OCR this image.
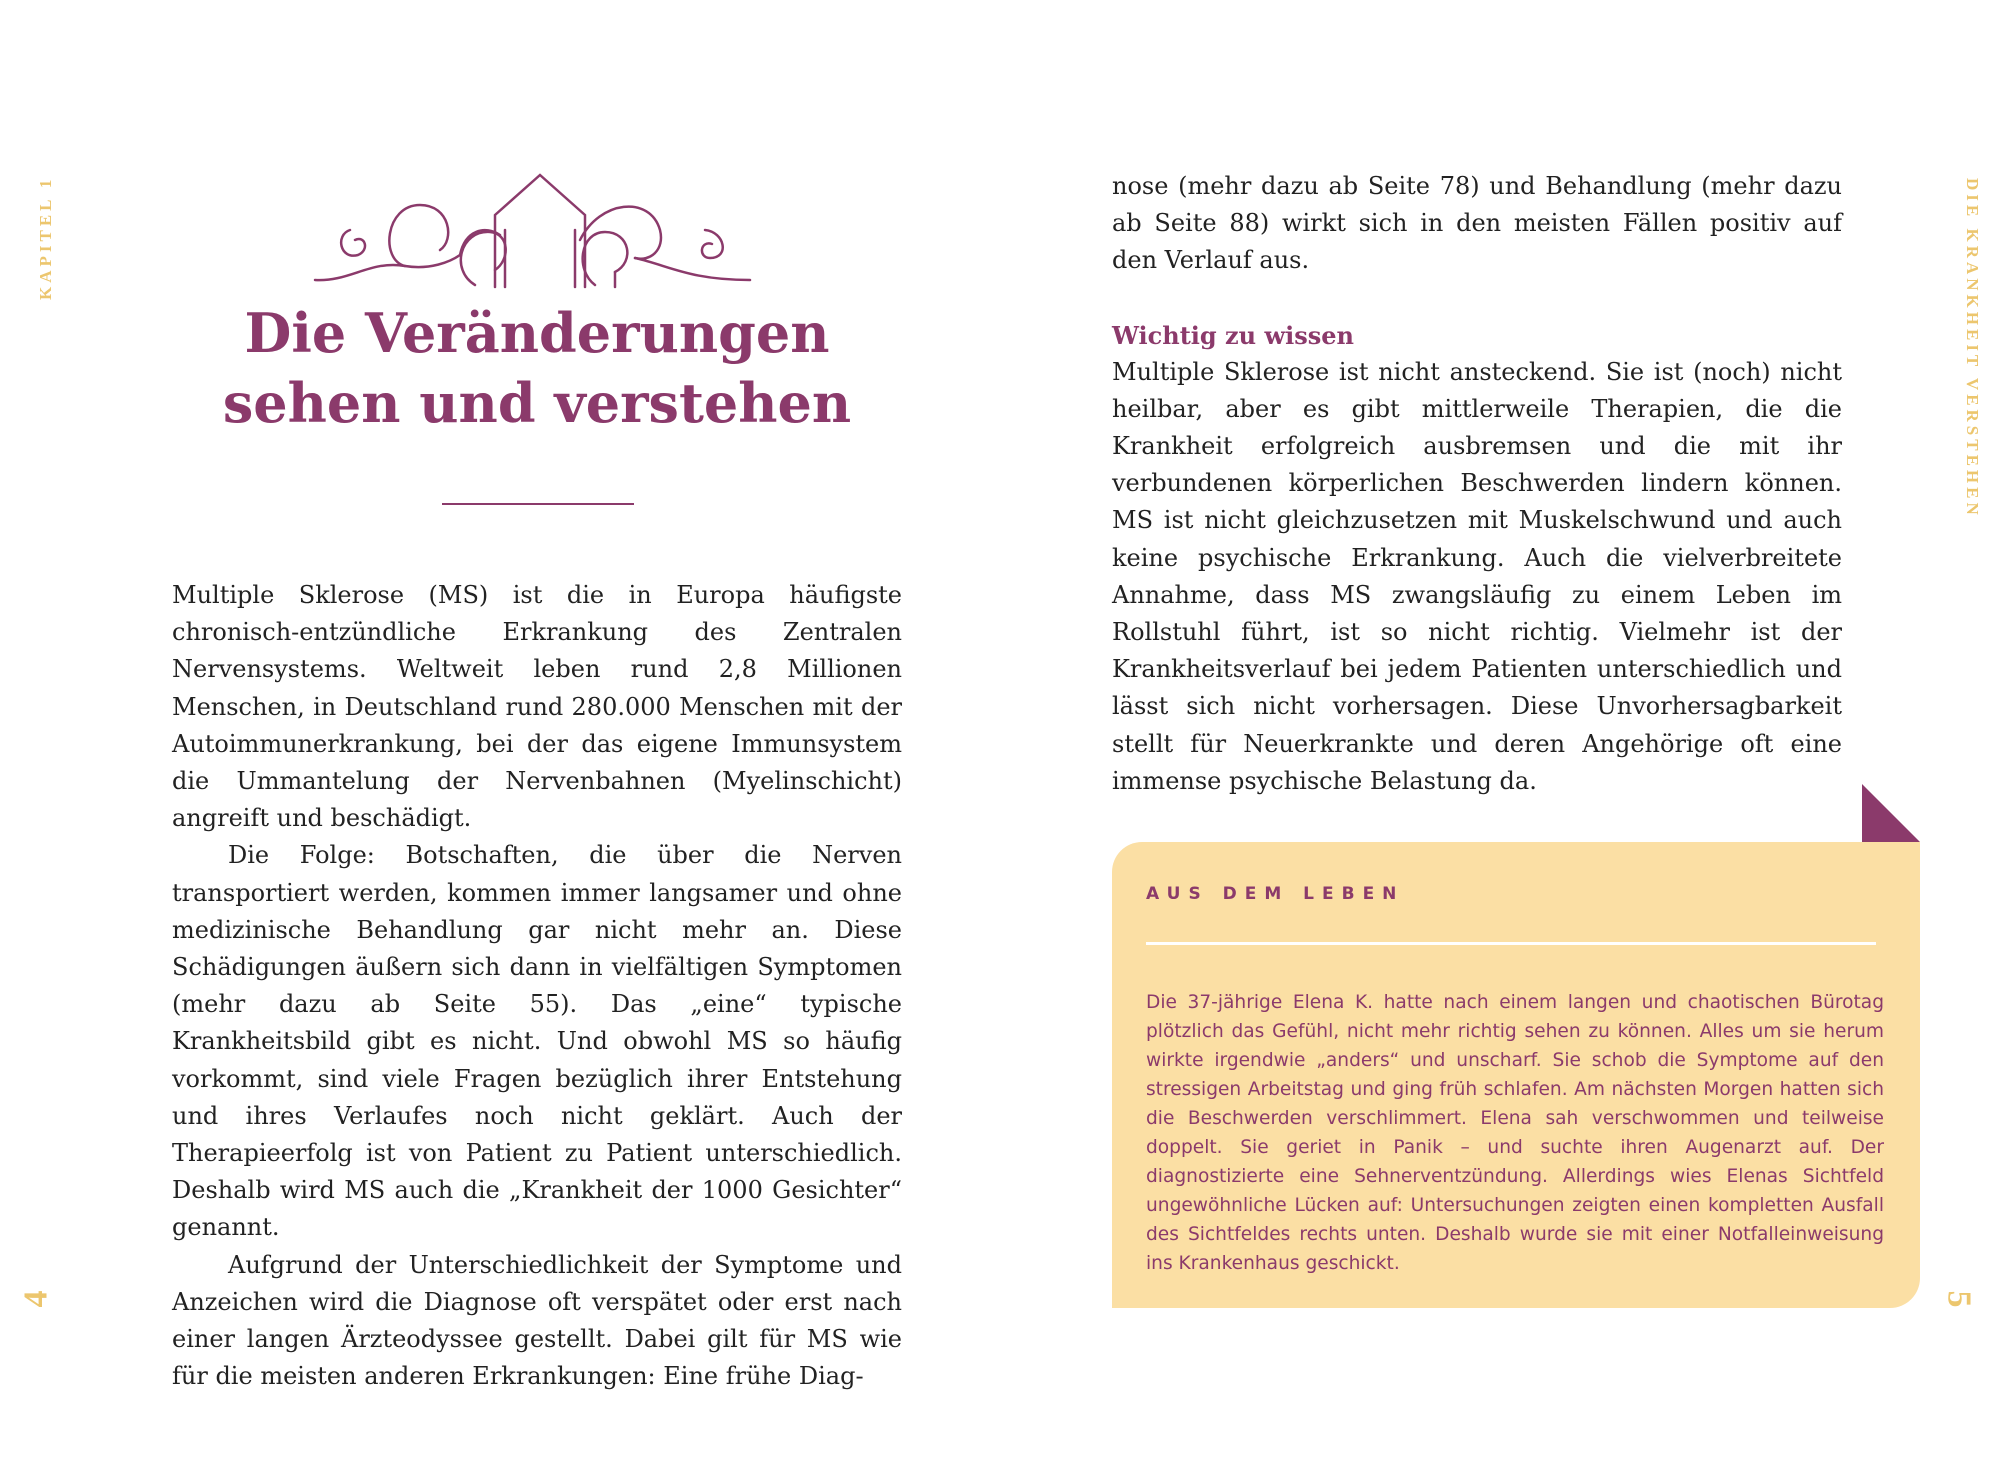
KAPITEL 1	DIE KRANKHEIT VERSTEHEN
4	5
Die Veränderungen
sehen und verstehen

Multiple Sklerose (MS) ist die in Europa häufigste chronisch-entzündliche Erkrankung des Zentralen Nervensystems. Weltweit leben rund 2,8 Millionen Menschen, in Deutschland rund 280.000 Menschen mit der Autoimmunerkrankung, bei der das eigene Immunsystem die Ummantelung der Nervenbahnen (Myelinschicht) angreift und beschädigt.

Die Folge: Botschaften, die über die Nerven transportiert werden, kommen immer langsamer und ohne medizinische Behandlung gar nicht mehr an. Diese Schädigungen äußern sich dann in vielfältigen Symptomen (mehr dazu ab Seite 55). Das „eine“ typische Krankheitsbild gibt es nicht. Und obwohl MS so häufig vorkommt, sind viele Fragen bezüglich ihrer Entstehung und ihres Verlaufes noch nicht geklärt. Auch der Therapieerfolg ist von Patient zu Patient unterschiedlich. Deshalb wird MS auch die „Krankheit der 1000 Gesichter“ genannt.

Aufgrund der Unterschiedlichkeit der Symptome und Anzeichen wird die Diagnose oft verspätet oder erst nach einer langen Ärzteodyssee gestellt. Dabei gilt für MS wie für die meisten anderen Erkrankungen: Eine frühe Diag-

nose (mehr dazu ab Seite 78) und Behandlung (mehr dazu ab Seite 88) wirkt sich in den meisten Fällen positiv auf den Verlauf aus.

Wichtig zu wissen

Multiple Sklerose ist nicht ansteckend. Sie ist (noch) nicht heilbar, aber es gibt mittlerweile Therapien, die die Krankheit erfolgreich ausbremsen und die mit ihr verbundenen körperlichen Beschwerden lindern können. MS ist nicht gleichzusetzen mit Muskelschwund und auch keine psychische Erkrankung. Auch die vielverbreitete Annahme, dass MS zwangsläufig zu einem Leben im Rollstuhl führt, ist so nicht richtig. Vielmehr ist der Krankheitsverlauf bei jedem Patienten unterschiedlich und lässt sich nicht vorhersagen. Diese Unvorhersagbarkeit stellt für Neuerkrankte und deren Angehörige oft eine immense psychische Belastung da.

AUS DEM LEBEN

Die 37-jährige Elena K. hatte nach einem langen und chaotischen Bürotag plötzlich das Gefühl, nicht mehr richtig sehen zu können. Alles um sie herum wirkte irgendwie „anders“ und unscharf. Sie schob die Symptome auf den stressigen Arbeitstag und ging früh schlafen. Am nächsten Morgen hatten sich die Beschwerden verschlimmert. Elena sah verschwommen und teilweise doppelt. Sie geriet in Panik – und suchte ihren Augenarzt auf. Der diagnostizierte eine Sehnerventzündung. Allerdings wies Elenas Sichtfeld ungewöhnliche Lücken auf: Untersuchungen zeigten einen kompletten Ausfall des Sichtfeldes rechts unten. Deshalb wurde sie mit einer Notfalleinweisung ins Krankenhaus geschickt.
